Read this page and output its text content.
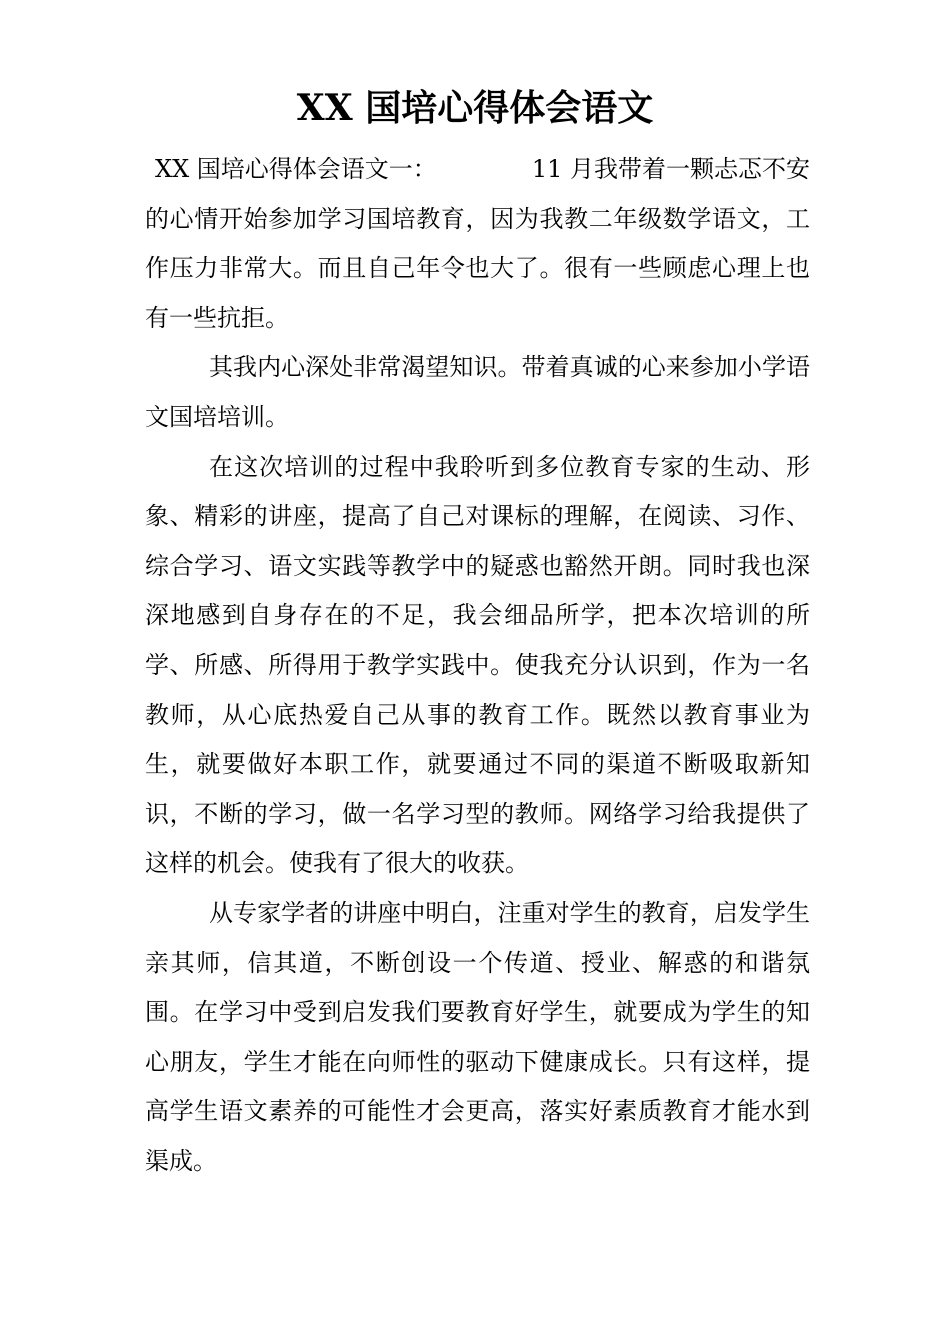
XX 国培心得体会语文

XX 国培心得体会语文一：	11 月我带着一颗忐忑不安的心情开始参加学习国培教育，因为我教二年级数学语文，工作压力非常大。而且自己年令也大了。很有一些顾虑心理上也有一些抗拒。

其我内心深处非常渴望知识。带着真诚的心来参加小学语文国培培训。

在这次培训的过程中我聆听到多位教育专家的生动、形象、精彩的讲座，提高了自己对课标的理解，在阅读、习作、综合学习、语文实践等教学中的疑惑也豁然开朗。同时我也深深地感到自身存在的不足，我会细品所学，把本次培训的所学、所感、所得用于教学实践中。使我充分认识到，作为一名教师，从心底热爱自己从事的教育工作。既然以教育事业为生，就要做好本职工作，就要通过不同的渠道不断吸取新知识，不断的学习，做一名学习型的教师。网络学习给我提供了这样的机会。使我有了很大的收获。

从专家学者的讲座中明白，注重对学生的教育，启发学生亲其师，信其道，不断创设一个传道、授业、解惑的和谐氛围。在学习中受到启发我们要教育好学生，就要成为学生的知心朋友，学生才能在向师性的驱动下健康成长。只有这样，提高学生语文素养的可能性才会更高，落实好素质教育才能水到渠成。
